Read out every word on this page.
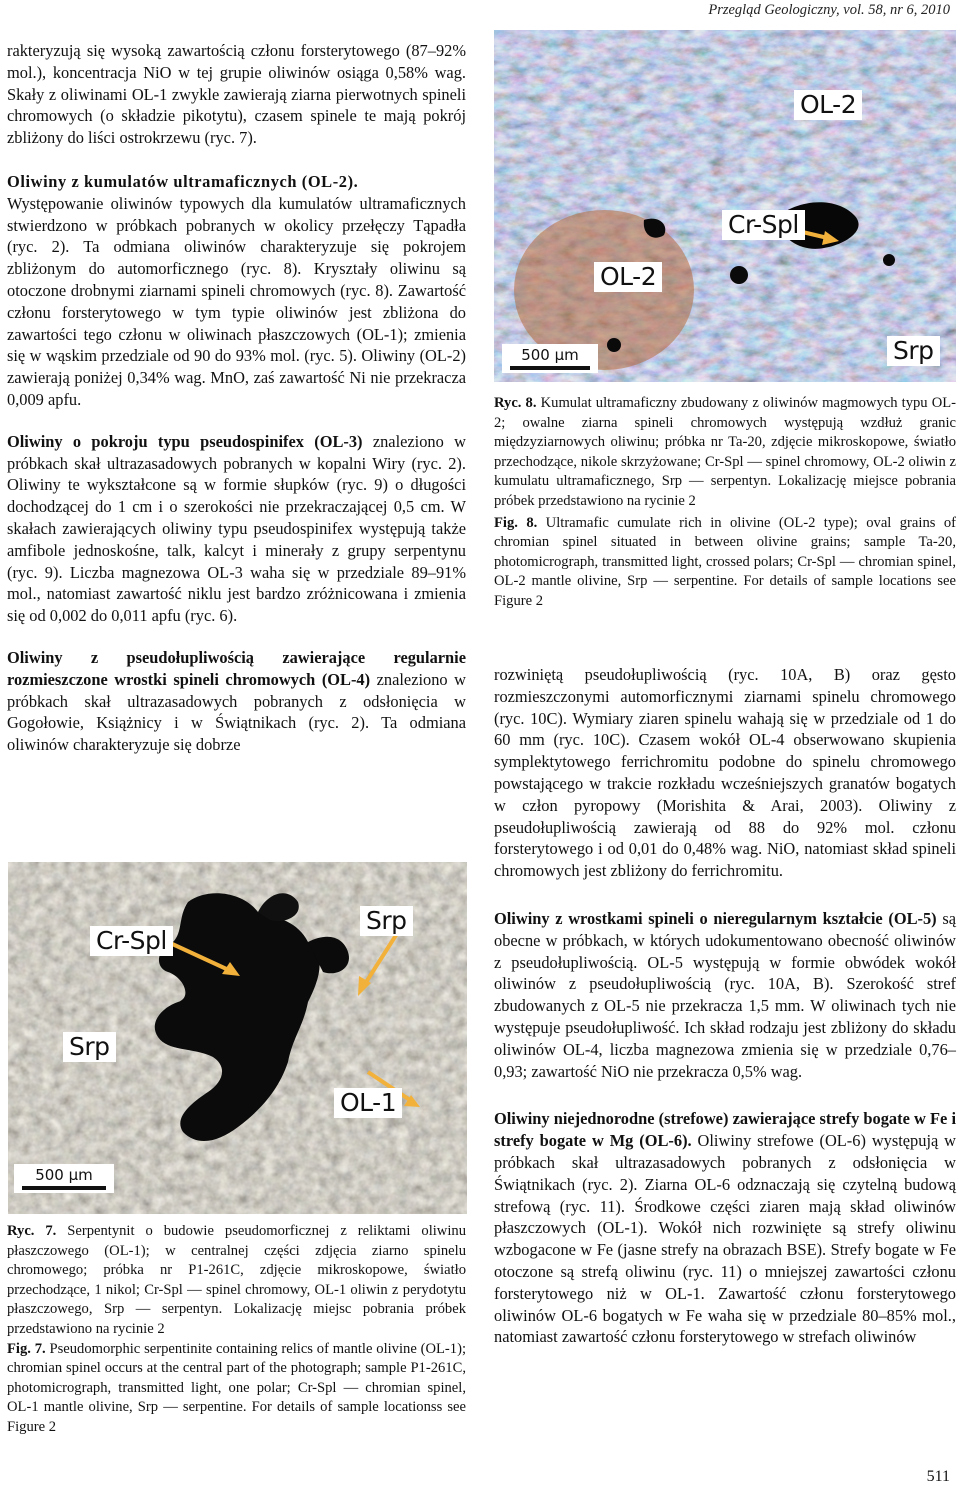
Przegląd Geologiczny, vol. 58, nr 6, 2010

rakteryzują się wysoką zawartością członu forsterytowego (87–92% mol.), koncentracja NiO w tej grupie oliwinów osiąga 0,58% wag. Skały z oliwinami OL-1 zwykle zawierają ziarna pierwotnych spineli chromowych (o składzie pikotytu), czasem spinele te mają pokrój zbliżony do liści ostrokrzewu (ryc. 7).

Oliwiny z kumulatów ultramaficznych (OL-2).

Występowanie oliwinów typowych dla kumulatów ultramaficznych stwierdzono w próbkach pobranych w okolicy przełęczy Tąpadła (ryc. 2). Ta odmiana oliwinów charakteryzuje się pokrojem zbliżonym do automorficznego (ryc. 8). Kryształy oliwinu są otoczone drobnymi ziarnami spineli chromowych (ryc. 8). Zawartość członu forsterytowego w tym typie oliwinów jest zbliżona do zawartości tego członu w oliwinach płaszczowych (OL-1); zmienia się w wąskim przedziale od 90 do 93% mol. (ryc. 5). Oliwiny (OL-2) zawierają poniżej 0,34% wag. MnO, zaś zawartość Ni nie przekracza 0,009 apfu.

Oliwiny o pokroju typu pseudospinifex (OL-3) znaleziono w próbkach skał ultrazasadowych pobranych w kopalni Wiry (ryc. 2). Oliwiny te wykształcone są w formie słupków (ryc. 9) o długości dochodzącej do 1 cm i o szerokości nie przekraczającej 0,5 cm. W skałach zawierających oliwiny typu pseudospinifex występują także amfibole jednoskośne, talk, kalcyt i minerały z grupy serpentynu (ryc. 9). Liczba magnezowa OL-3 waha się w przedziale 89–91% mol., natomiast zawartość niklu jest bardzo zróżnicowana i zmienia się od 0,002 do 0,011 apfu (ryc. 6).

Oliwiny z pseudołupliwością zawierające regularnie rozmieszczone wrostki spineli chromowych (OL-4) znaleziono w próbkach skał ultrazasadowych pobranych z odsłonięcia w Gogołowie, Książnicy i w Świątnikach (ryc. 2). Ta odmiana oliwinów charakteryzuje się dobrze

Cr-Spl
Srp
Srp
OL-1
500 µm

Ryc. 7. Serpentynit o budowie pseudomorficznej z reliktami oliwinu płaszczowego (OL-1); w centralnej części zdjęcia ziarno spinelu chromowego; próbka nr P1-261C, zdjęcie mikroskopowe, światło przechodzące, 1 nikol; Cr-Spl — spinel chromowy, OL-1 oliwin z perydotytu płaszczowego, Srp — serpentyn. Lokalizację miejsc pobrania próbek przedstawiono na rycinie 2

Fig. 7. Pseudomorphic serpentinite containing relics of mantle olivine (OL-1); chromian spinel occurs at the central part of the photograph; sample P1-261C, photomicrograph, transmitted light, one polar; Cr-Spl — chromian spinel, OL-1 mantle olivine, Srp — serpentine. For details of sample locationss see Figure 2

OL-2
Cr-Spl
OL-2
Srp
500 µm

Ryc. 8. Kumulat ultramaficzny zbudowany z oliwinów magmowych typu OL-2; owalne ziarna spineli chromowych występują wzdłuż granic międzyziarnowych oliwinu; próbka nr Ta-20, zdjęcie mikroskopowe, światło przechodzące, nikole skrzyżowane; Cr-Spl — spinel chromowy, OL-2 oliwin z kumulatu ultramaficznego, Srp — serpentyn. Lokalizację miejsce pobrania próbek przedstawiono na rycinie 2

Fig. 8. Ultramafic cumulate rich in olivine (OL-2 type); oval grains of chromian spinel situated in between olivine grains; sample Ta-20, photomicrograph, transmitted light, crossed polars; Cr-Spl — chromian spinel, OL-2 mantle olivine, Srp — serpentine. For details of sample locations see Figure 2

rozwiniętą pseudołupliwością (ryc. 10A, B) oraz gęsto rozmieszczonymi automorficznymi ziarnami spinelu chromowego (ryc. 10C). Wymiary ziaren spinelu wahają się w przedziale od 1 do 60 mm (ryc. 10C). Czasem wokół OL-4 obserwowano skupienia symplektytowego ferrichromitu podobne do spinelu chromowego powstającego w trakcie rozkładu wcześniejszych granatów bogatych w człon pyropowy (Morishita & Arai, 2003). Oliwiny z pseudołupliwością zawierają od 88 do 92% mol. członu forsterytowego i od 0,01 do 0,48% wag. NiO, natomiast skład spineli chromowych jest zbliżony do ferrichromitu.

Oliwiny z wrostkami spineli o nieregularnym kształcie (OL-5) są obecne w próbkach, w których udokumentowano obecność oliwinów z pseudołupliwością. OL-5 występują w formie obwódek wokół oliwinów z pseudołupliwością (ryc. 10A, B). Szerokość stref zbudowanych z OL-5 nie przekracza 1,5 mm. W oliwinach tych nie występuje pseudołupliwość. Ich skład rodzaju jest zbliżony do składu oliwinów OL-4, liczba magnezowa zmienia się w przedziale 0,76–0,93; zawartość NiO nie przekracza 0,5% wag.

Oliwiny niejednorodne (strefowe) zawierające strefy bogate w Fe i strefy bogate w Mg (OL-6). Oliwiny strefowe (OL-6) występują w próbkach skał ultrazasadowych pobranych z odsłonięcia w Świątnikach (ryc. 2). Ziarna OL-6 odznaczają się czytelną budową strefową (ryc. 11). Środkowe części ziaren mają skład oliwinów płaszczowych (OL-1). Wokół nich rozwinięte są strefy oliwinu wzbogacone w Fe (jasne strefy na obrazach BSE). Strefy bogate w Fe otoczone są strefą oliwinu (ryc. 11) o mniejszej zawartości członu forsterytowego niż w OL-1. Zawartość członu forsterytowego oliwinów OL-6 bogatych w Fe waha się w przedziale 80–85% mol., natomiast zawartość członu forsterytowego w strefach oliwinów

511
